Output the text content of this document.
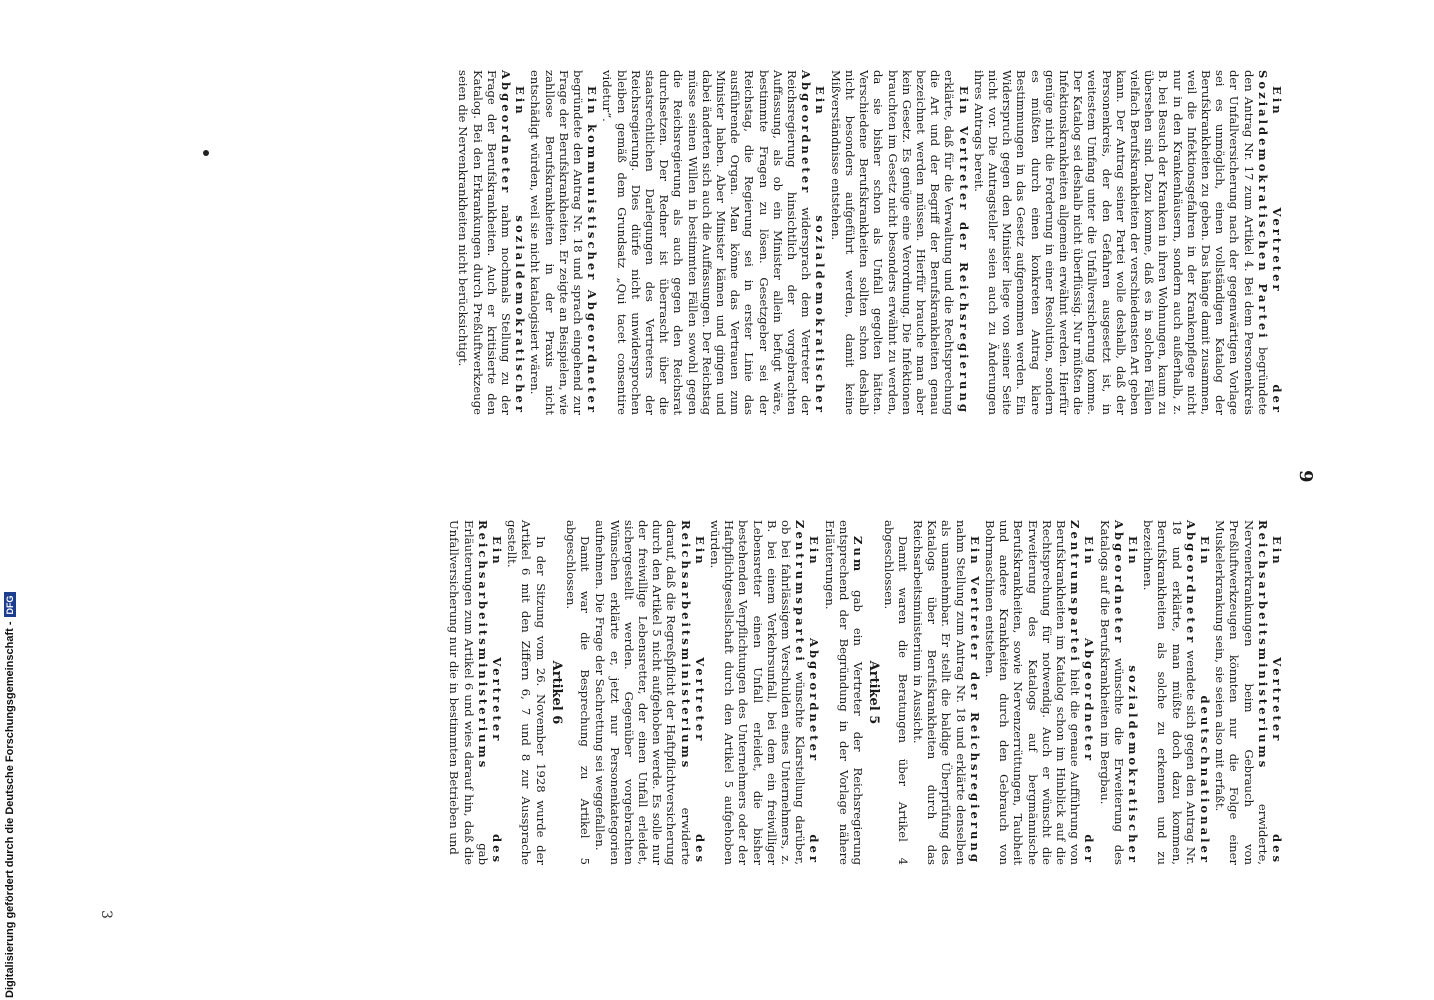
9

Ein Vertreter der Sozialdemokratischen Partei begründete den Antrag Nr. 17 zum Artikel 4. Bei dem Personenkreis der Unfallversicherung nach der gegenwärtigen Vorlage sei es unmöglich, einen vollständigen Katalog der Berufskrankheiten zu geben. Das hänge damit zusammen, weil die Infektionsgefahren in der Krankenpflege nicht nur in den Krankenhäusern, sondern auch außerhalb, z. B. bei Besuch der Kranken in ihren Wohnungen, kaum zu übersehen sind. Dazu komme, daß es in solchen Fällen vielfach Berufskrankheiten der verschiedensten Art geben kann. Der Antrag seiner Partei wolle deshalb, daß der Personenkreis, der den Gefahren ausgesetzt ist, in weitestem Umfang unter die Unfallversicherung komme. Der Katalog sei deshalb nicht überflüssig. Nur müßten die Infektionskrankheiten allgemein erwähnt werden. Hierfür genüge nicht die Forderung in einer Resolution, sondern es müßten durch einen konkreten Antrag klare Bestimmungen in das Gesetz aufgenommen werden. Ein Widerspruch gegen den Minister liege von seiner Seite nicht vor. Die Antragsteller seien auch zu Änderungen ihres Antrags bereit.

Ein Vertreter der Reichsregierung erklärte, daß für die Verwaltung und die Rechtsprechung die Art und der Begriff der Berufskrankheiten genau bezeichnet werden müssen. Hierfür brauche man aber kein Gesetz. Es genüge eine Verordnung. Die Infektionen brauchten im Gesetz nicht besonders erwähnt zu werden, da sie bisher schon als Unfall gegolten hätten. Verschiedene Berufskrankheiten sollten schon deshalb nicht besonders aufgeführt werden, damit keine Mißverständnisse entstehen.

Ein sozialdemokratischer Abgeordneter widersprach dem Vertreter der Reichsregierung hinsichtlich der vorgebrachten Auffassung, als ob ein Minister allein befugt wäre, bestimmte Fragen zu lösen. Gesetzgeber sei der Reichstag, die Regierung sei in erster Linie das ausführende Organ. Man könne das Vertrauen zum Minister haben. Aber Minister kämen und gingen und dabei änderten sich auch die Auffassungen. Der Reichstag müsse seinen Willen in bestimmten Fällen sowohl gegen die Reichsregierung als auch gegen den Reichsrat durchsetzen. Der Redner ist überrascht über die staatsrechtlichen Darlegungen des Vertreters der Reichsregierung. Dies dürfe nicht unwidersprochen bleiben gemäß dem Grundsatz „Qui tacet consentire videtur“.

Ein kommunistischer Abgeordneter begründete den Antrag Nr. 18 und sprach eingehend zur Frage der Berufskrankheiten. Er zeigte an Beispielen, wie zahllose Berufskrankheiten in der Praxis nicht entschädigt würden, weil sie nicht katalogisiert wären.

Ein sozialdemokratischer Abgeordneter nahm nochmals Stellung zu der Frage der Berufskrankheiten. Auch er kritisierte den Katalog. Bei den Erkrankungen durch Preßluftwerkzeuge seien die Nervenkrankheiten nicht berücksichtigt.

Ein Vertreter des Reichsarbeitsministeriums erwiderte, Nervenerkrankungen beim Gebrauch von Preßluftwerkzeugen könnten nur die Folge einer Muskelerkrankung sein, sie seien also mit erfaßt.

Ein deutschnationaler Abgeordneter wendete sich gegen den Antrag Nr. 18 und erklärte, man müßte doch dazu kommen, Berufskrankheiten als solche zu erkennen und zu bezeichnen.

Ein sozialdemokratischer Abgeordneter wünschte die Erweiterung des Katalogs auf die Berufskrankheiten im Bergbau.

Ein Abgeordneter der Zentrumspartei hielt die genaue Aufführung von Berufskrankheiten im Katalog schon im Hinblick auf die Rechtsprechung für notwendig. Auch er wünscht die Erweiterung des Katalogs auf bergmännische Berufskrankheiten, sowie Nervenzerrüttungen, Taubheit und andere Krankheiten durch den Gebrauch von Bohrmaschinen entstehen.

Ein Vertreter der Reichsregierung nahm Stellung zum Antrag Nr. 18 und erklärte denselben als unannehmbar. Er stellt die baldige Überprüfung des Katalogs über Berufskrankheiten durch das Reichsarbeitsministerium in Aussicht.

Damit waren die Beratungen über Artikel 4 abgeschlossen.

Artikel 5

Zum gab ein Vertreter der Reichsregierung entsprechend der Begründung in der Vorlage nähere Erläuterungen.

Ein Abgeordneter der Zentrumspartei wünschte Klarstellung darüber, ob bei fahrlässigem Verschulden eines Unternehmers, z. B. bei einem Verkehrsunfall, bei dem ein freiwilliger Lebensretter einen Unfall erleidet, die bisher bestehenden Verpflichtungen des Unternehmers oder der Haftpflichtgesellschaft durch den Artikel 5 aufgehoben würden.

Ein Vertreter des Reichsarbeitsministeriums erwiderte darauf, daß die Regreßpflicht der Haftpflichtversicherung durch den Artikel 5 nicht aufgehoben werde. Es solle nur der freiwillige Lebensretter, der einen Unfall erleidet, sichergestellt werden. Gegenüber vorgebrachten Wünschen erklärte er, jetzt nur Personenkategorien aufnehmen. Die Frage der Sachrettung sei weggefallen.

Damit war die Besprechung zu Artikel 5 abgeschlossen.

Artikel 6

In der Sitzung vom 26. November 1928 wurde der Artikel 6 mit den Ziffern 6, 7 und 8 zur Aussprache gestellt.

Ein Vertreter des Reichsarbeitsministeriums gab Erläuterungen zum Artikel 6 und wies darauf hin, daß die Unfallversicherung nur die in bestimmten Betrieben und

3
Digitalisierung gefördert durch die Deutsche Forschungsgemeinschaft -DFG
